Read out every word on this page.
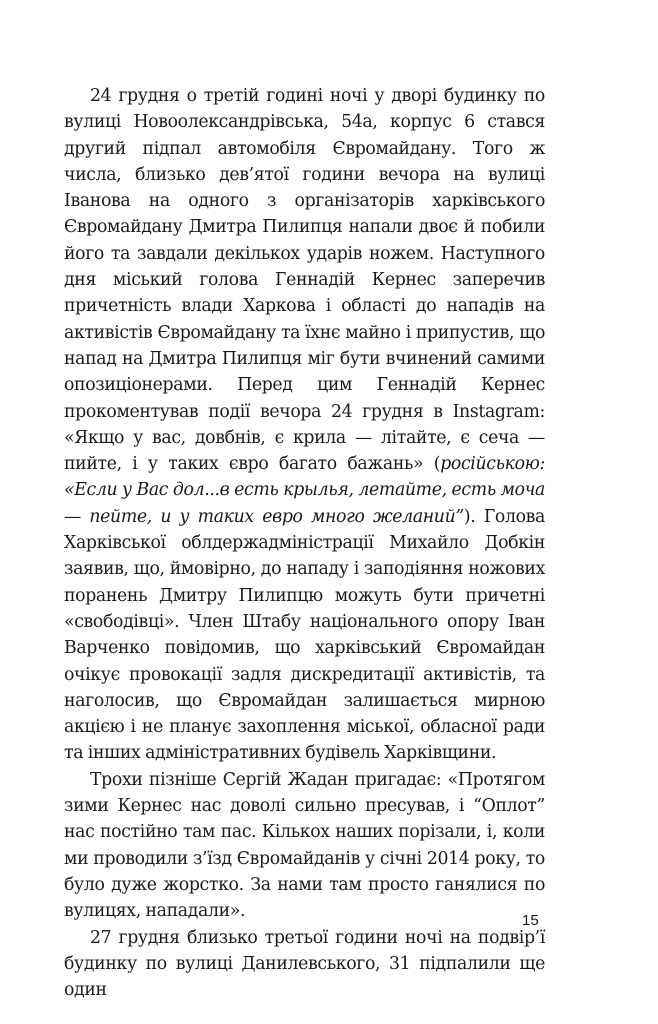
24 грудня о третій годині ночі у дворі будинку по вулиці Новоолександрівська, 54а, корпус 6 стався другий підпал автомобіля Євромайдану. Того ж числа, близько дев’ятої години вечора на вулиці Іванова на одного з організаторів харківського Євромайдану Дмитра Пилипця напали двоє й побили його та завдали декількох ударів ножем. Наступного дня міський голова Геннадій Кернес заперечив причетність влади Харкова і області до нападів на активістів Євромайдану та їхнє майно і припустив, що напад на Дмитра Пилипця міг бути вчинений самими опозиціонерами. Перед цим Геннадій Кернес прокоментував події вечора 24 грудня в Instagram: «Якщо у вас, довбнів, є крила — літайте, є сеча — пийте, і у таких євро багато бажань» (російською: «Если у Вас дол...в есть крылья, летайте, есть моча — пейте, и у таких евро много желаний”). Голова Харківської облдержадміністрації Михайло Добкін заявив, що, ймовірно, до нападу і заподіяння ножових поранень Дмитру Пилипцю можуть бути причетні «свободівці». Член Штабу національного опору Іван Варченко повідомив, що харківський Євромайдан очікує провокації задля дискредитації активістів, та наголосив, що Євромайдан залишається мирною акцією і не планує захоплення міської, обласної ради та інших адміністративних будівель Харківщини.

Трохи пізніше Сергій Жадан пригадає: «Протягом зими Кернес нас доволі сильно пресував, і “Оплот” нас постійно там пас. Кількох наших порізали, і, коли ми проводили з’їзд Євромайданів у січні 2014 року, то було дуже жорстко. За нами там просто ганялися по вулицях, нападали».

27 грудня близько третьої години ночі на подвір’ї будинку по вулиці Данилевського, 31 підпалили ще один

15
